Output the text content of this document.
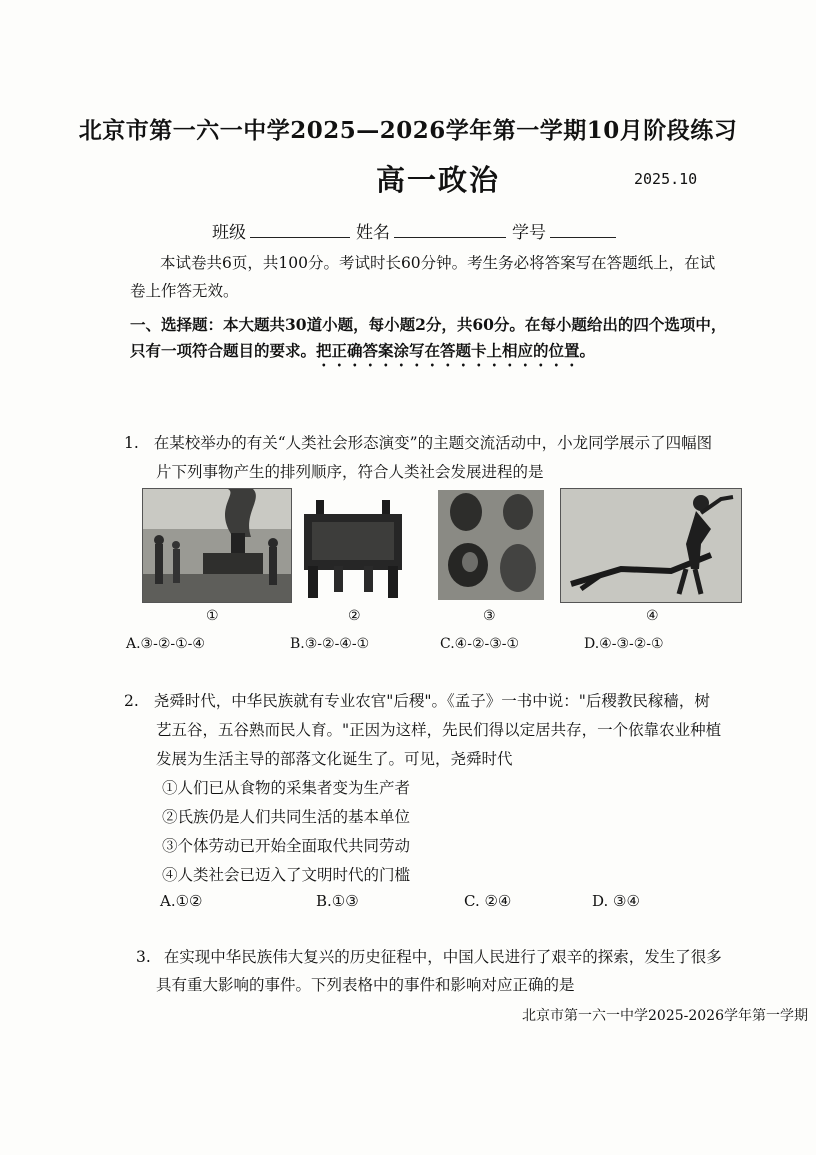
北京市第一六一中学2025—2026学年第一学期10月阶段练习
高一政治	2025.10
班级	姓名	学号
本试卷共6页，共100分。考试时长60分钟。考生务必将答案写在答题纸上，在试
卷上作答无效。
一、选择题：本大题共30道小题，每小题2分，共60分。在每小题给出的四个选项中，
只有一项符合题目的要求。把正确答案涂写在答题卡上相应的位置。
1. 在某校举办的有关“人类社会形态演变”的主题交流活动中，小龙同学展示了四幅图
片下列事物产生的排列顺序，符合人类社会发展进程的是
①	②	③	④
A.③-②-①-④	B.③-②-④-①	C.④-②-③-①	D.④-③-②-①
2. 尧舜时代，中华民族就有专业农官"后稷"。《孟子》一书中说："后稷教民稼穑，树
艺五谷，五谷熟而民人育。"正因为这样，先民们得以定居共存，一个依靠农业种植
发展为生活主导的部落文化诞生了。可见，尧舜时代
①人们已从食物的采集者变为生产者
②氏族仍是人们共同生活的基本单位
③个体劳动已开始全面取代共同劳动
④人类社会已迈入了文明时代的门槛
A.①②	B.①③	C. ②④	D. ③④
3. 在实现中华民族伟大复兴的历史征程中，中国人民进行了艰辛的探索，发生了很多
具有重大影响的事件。下列表格中的事件和影响对应正确的是
北京市第一六一中学2025-2026学年第一学期
